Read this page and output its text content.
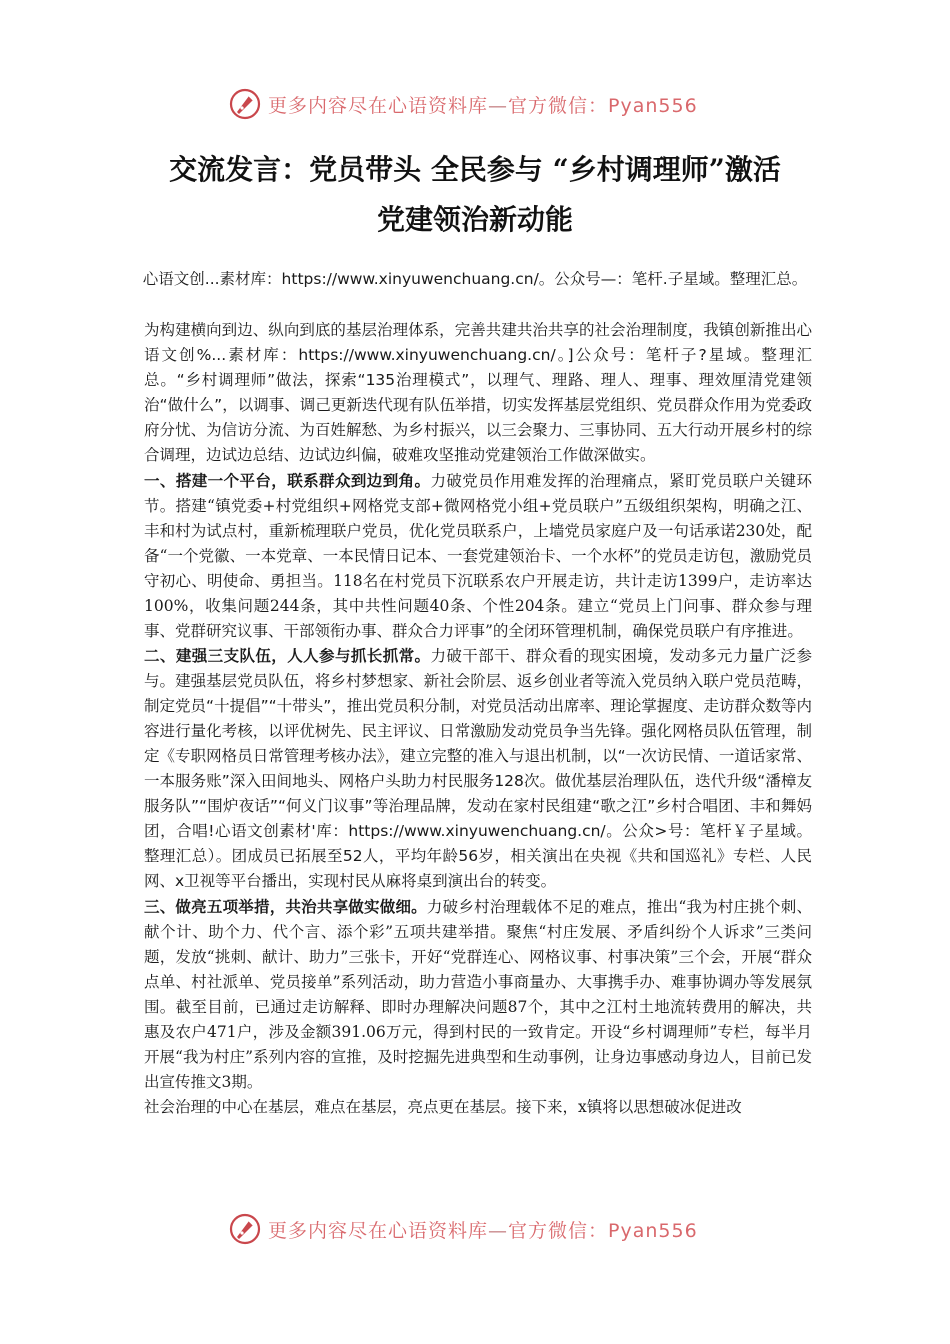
更多内容尽在心语资料库—官方微信：Pyan556
交流发言：党员带头 全民参与 “乡村调理师”激活
党建领治新动能

心语文创...素材库：https://www.xinyuwenchuang.cn/。公众号—：笔杆.子星域。整理汇总。

为构建横向到边、纵向到底的基层治理体系，完善共建共治共享的社会治理制度，我镇创新推出心语文创%...素材库：https://www.xinyuwenchuang.cn/。]公众号：笔杆子?星域。整理汇总。“乡村调理师”做法，探索“135治理模式”，以理气、理路、理人、理事、理效厘清党建领治“做什么”，以调事、调己更新迭代现有队伍举措，切实发挥基层党组织、党员群众作用为党委政府分忧、为信访分流、为百姓解愁、为乡村振兴，以三会聚力、三事协同、五大行动开展乡村的综合调理，边试边总结、边试边纠偏，破难攻坚推动党建领治工作做深做实。

一、搭建一个平台，联系群众到边到角。力破党员作用难发挥的治理痛点，紧盯党员联户关键环节。搭建“镇党委+村党组织+网格党支部+微网格党小组+党员联户”五级组织架构，明确之江、丰和村为试点村，重新梳理联户党员，优化党员联系户，上墙党员家庭户及一句话承诺230处，配备“一个党徽、一本党章、一本民情日记本、一套党建领治卡、一个水杯”的党员走访包，激励党员守初心、明使命、勇担当。118名在村党员下沉联系农户开展走访，共计走访1399户，走访率达100%，收集问题244条，其中共性问题40条、个性204条。建立“党员上门问事、群众参与理事、党群研究议事、干部领衔办事、群众合力评事”的全闭环管理机制，确保党员联户有序推进。

二、建强三支队伍，人人参与抓长抓常。力破干部干、群众看的现实困境，发动多元力量广泛参与。建强基层党员队伍，将乡村梦想家、新社会阶层、返乡创业者等流入党员纳入联户党员范畴，制定党员“十提倡”“十带头”，推出党员积分制，对党员活动出席率、理论掌握度、走访群众数等内容进行量化考核，以评优树先、民主评议、日常激励发动党员争当先锋。强化网格员队伍管理，制定《专职网格员日常管理考核办法》，建立完整的准入与退出机制，以“一次访民情、一道话家常、一本服务账”深入田间地头、网格户头助力村民服务128次。做优基层治理队伍，迭代升级“潘樟友服务队”“围炉夜话”“何义门议事”等治理品牌，发动在家村民组建“歌之江”乡村合唱团、丰和舞妈团，合唱!心语文创素材'库：https://www.xinyuwenchuang.cn/。公众>号：笔杆￥子星域。整理汇总）。团成员已拓展至52人，平均年龄56岁，相关演出在央视《共和国巡礼》专栏、人民网、x卫视等平台播出，实现村民从麻将桌到演出台的转变。

三、做亮五项举措，共治共享做实做细。力破乡村治理载体不足的难点，推出“我为村庄挑个刺、献个计、助个力、代个言、添个彩”五项共建举措。聚焦“村庄发展、矛盾纠纷个人诉求”三类问题，发放“挑刺、献计、助力”三张卡，开好“党群连心、网格议事、村事决策”三个会，开展“群众点单、村社派单、党员接单”系列活动，助力营造小事商量办、大事携手办、难事协调办等发展氛围。截至目前，已通过走访解释、即时办理解决问题87个，其中之江村土地流转费用的解决，共惠及农户471户，涉及金额391.06万元，得到村民的一致肯定。开设“乡村调理师”专栏，每半月开展“我为村庄”系列内容的宣推，及时挖掘先进典型和生动事例，让身边事感动身边人，目前已发出宣传推文3期。

社会治理的中心在基层，难点在基层，亮点更在基层。接下来，x镇将以思想破冰促进改

更多内容尽在心语资料库—官方微信：Pyan556
